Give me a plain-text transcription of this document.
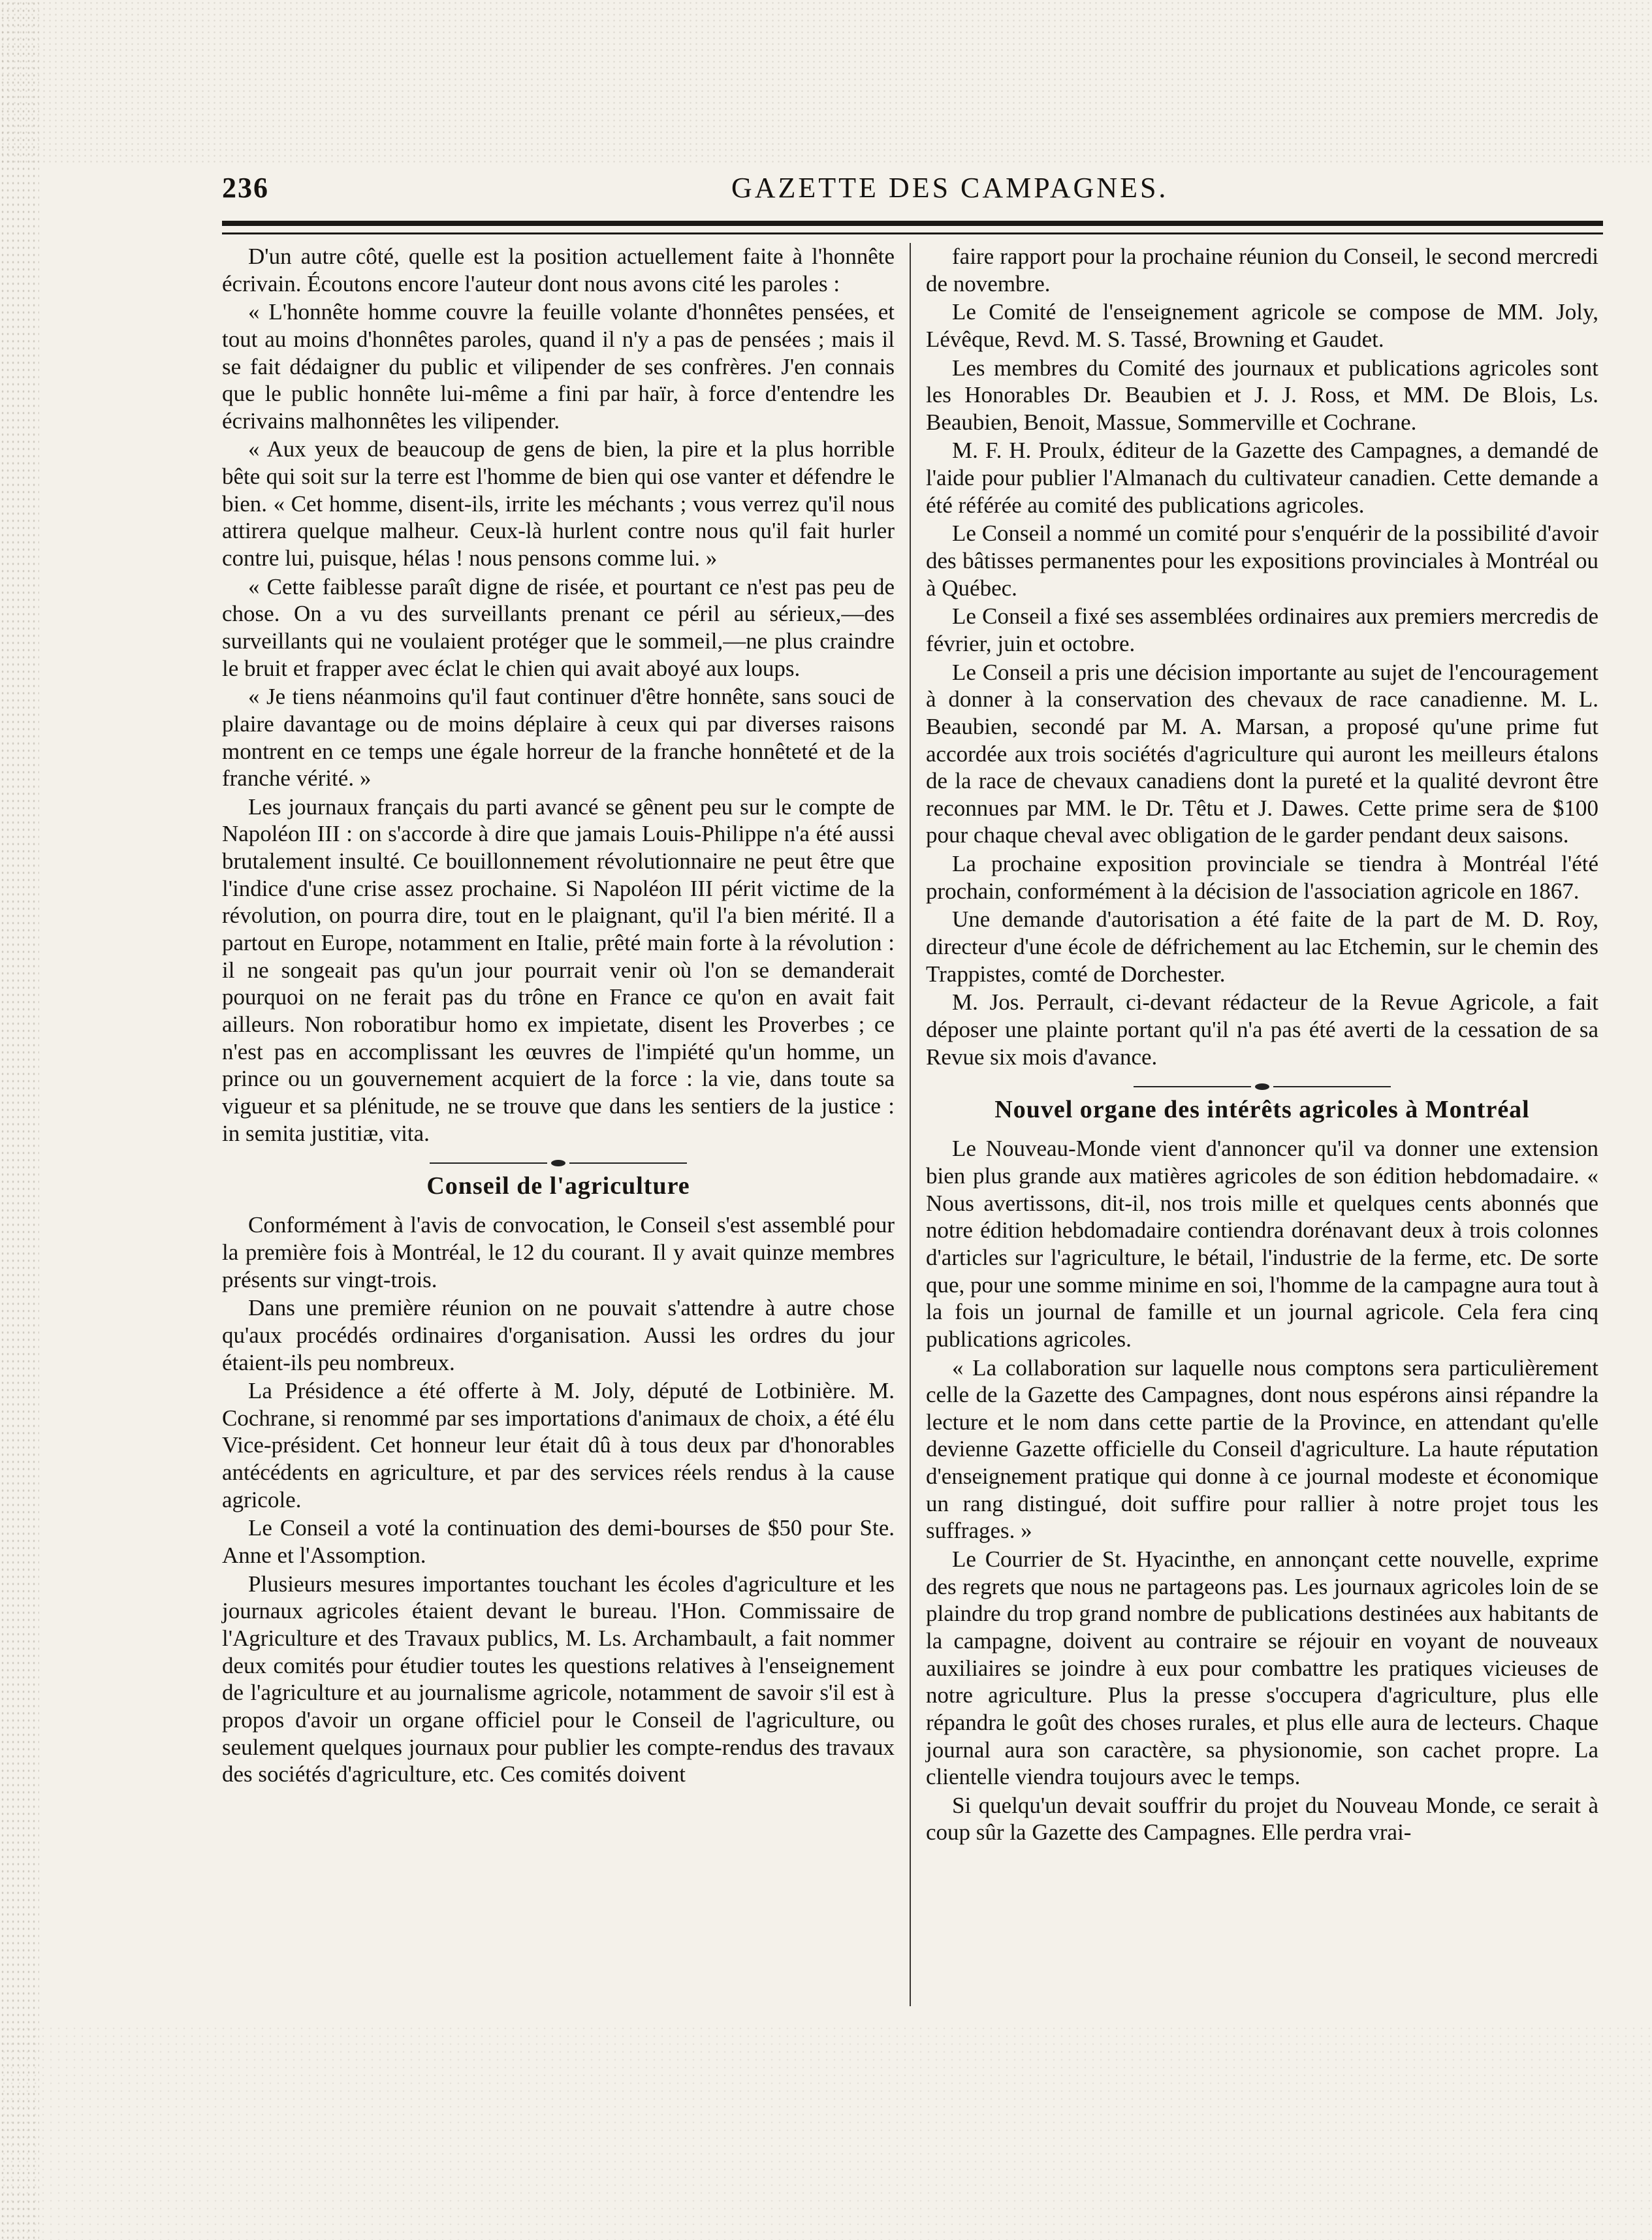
236	GAZETTE DES CAMPAGNES.

D'un autre côté, quelle est la position actuellement faite à l'honnête écrivain. Écoutons encore l'auteur dont nous avons cité les paroles :

« L'honnête homme couvre la feuille volante d'honnêtes pensées, et tout au moins d'honnêtes paroles, quand il n'y a pas de pensées ; mais il se fait dédaigner du public et vilipender de ses confrères. J'en connais que le public honnête lui-même a fini par haïr, à force d'entendre les écrivains malhonnêtes les vilipender.

« Aux yeux de beaucoup de gens de bien, la pire et la plus horrible bête qui soit sur la terre est l'homme de bien qui ose vanter et défendre le bien. « Cet homme, disent-ils, irrite les méchants ; vous verrez qu'il nous attirera quelque malheur. Ceux-là hurlent contre nous qu'il fait hurler contre lui, puisque, hélas ! nous pensons comme lui. »

« Cette faiblesse paraît digne de risée, et pourtant ce n'est pas peu de chose. On a vu des surveillants prenant ce péril au sérieux,—des surveillants qui ne voulaient protéger que le sommeil,—ne plus craindre le bruit et frapper avec éclat le chien qui avait aboyé aux loups.

« Je tiens néanmoins qu'il faut continuer d'être honnête, sans souci de plaire davantage ou de moins déplaire à ceux qui par diverses raisons montrent en ce temps une égale horreur de la franche honnêteté et de la franche vérité. »

Les journaux français du parti avancé se gênent peu sur le compte de Napoléon III : on s'accorde à dire que jamais Louis-Philippe n'a été aussi brutalement insulté. Ce bouillonnement révolutionnaire ne peut être que l'indice d'une crise assez prochaine. Si Napoléon III périt victime de la révolution, on pourra dire, tout en le plaignant, qu'il l'a bien mérité. Il a partout en Europe, notamment en Italie, prêté main forte à la révolution : il ne songeait pas qu'un jour pourrait venir où l'on se demanderait pourquoi on ne ferait pas du trône en France ce qu'on en avait fait ailleurs. Non roboratibur homo ex impietate, disent les Proverbes ; ce n'est pas en accomplissant les œuvres de l'impiété qu'un homme, un prince ou un gouvernement acquiert de la force : la vie, dans toute sa vigueur et sa plénitude, ne se trouve que dans les sentiers de la justice : in semita justitiæ, vita.

Conseil de l'agriculture

Conformément à l'avis de convocation, le Conseil s'est assemblé pour la première fois à Montréal, le 12 du courant. Il y avait quinze membres présents sur vingt-trois.

Dans une première réunion on ne pouvait s'attendre à autre chose qu'aux procédés ordinaires d'organisation. Aussi les ordres du jour étaient-ils peu nombreux.

La Présidence a été offerte à M. Joly, député de Lotbinière. M. Cochrane, si renommé par ses importations d'animaux de choix, a été élu Vice-président. Cet honneur leur était dû à tous deux par d'honorables antécédents en agriculture, et par des services réels rendus à la cause agricole.

Le Conseil a voté la continuation des demi-bourses de $50 pour Ste. Anne et l'Assomption.

Plusieurs mesures importantes touchant les écoles d'agriculture et les journaux agricoles étaient devant le bureau. l'Hon. Commissaire de l'Agriculture et des Travaux publics, M. Ls. Archambault, a fait nommer deux comités pour étudier toutes les questions relatives à l'enseignement de l'agriculture et au journalisme agricole, notamment de savoir s'il est à propos d'avoir un organe officiel pour le Conseil de l'agriculture, ou seulement quelques journaux pour publier les compte-rendus des travaux des sociétés d'agriculture, etc. Ces comités doivent

faire rapport pour la prochaine réunion du Conseil, le second mercredi de novembre.

Le Comité de l'enseignement agricole se compose de MM. Joly, Lévêque, Revd. M. S. Tassé, Browning et Gaudet.

Les membres du Comité des journaux et publications agricoles sont les Honorables Dr. Beaubien et J. J. Ross, et MM. De Blois, Ls. Beaubien, Benoit, Massue, Sommerville et Cochrane.

M. F. H. Proulx, éditeur de la Gazette des Campagnes, a demandé de l'aide pour publier l'Almanach du cultivateur canadien. Cette demande a été référée au comité des publications agricoles.

Le Conseil a nommé un comité pour s'enquérir de la possibilité d'avoir des bâtisses permanentes pour les expositions provinciales à Montréal ou à Québec.

Le Conseil a fixé ses assemblées ordinaires aux premiers mercredis de février, juin et octobre.

Le Conseil a pris une décision importante au sujet de l'encouragement à donner à la conservation des chevaux de race canadienne. M. L. Beaubien, secondé par M. A. Marsan, a proposé qu'une prime fut accordée aux trois sociétés d'agriculture qui auront les meilleurs étalons de la race de chevaux canadiens dont la pureté et la qualité devront être reconnues par MM. le Dr. Têtu et J. Dawes. Cette prime sera de $100 pour chaque cheval avec obligation de le garder pendant deux saisons.

La prochaine exposition provinciale se tiendra à Montréal l'été prochain, conformément à la décision de l'association agricole en 1867.

Une demande d'autorisation a été faite de la part de M. D. Roy, directeur d'une école de défrichement au lac Etchemin, sur le chemin des Trappistes, comté de Dorchester.

M. Jos. Perrault, ci-devant rédacteur de la Revue Agricole, a fait déposer une plainte portant qu'il n'a pas été averti de la cessation de sa Revue six mois d'avance.

Nouvel organe des intérêts agricoles à Montréal

Le Nouveau-Monde vient d'annoncer qu'il va donner une extension bien plus grande aux matières agricoles de son édition hebdomadaire. « Nous avertissons, dit-il, nos trois mille et quelques cents abonnés que notre édition hebdomadaire contiendra dorénavant deux à trois colonnes d'articles sur l'agriculture, le bétail, l'industrie de la ferme, etc. De sorte que, pour une somme minime en soi, l'homme de la campagne aura tout à la fois un journal de famille et un journal agricole. Cela fera cinq publications agricoles.

« La collaboration sur laquelle nous comptons sera particulièrement celle de la Gazette des Campagnes, dont nous espérons ainsi répandre la lecture et le nom dans cette partie de la Province, en attendant qu'elle devienne Gazette officielle du Conseil d'agriculture. La haute réputation d'enseignement pratique qui donne à ce journal modeste et économique un rang distingué, doit suffire pour rallier à notre projet tous les suffrages. »

Le Courrier de St. Hyacinthe, en annonçant cette nouvelle, exprime des regrets que nous ne partageons pas. Les journaux agricoles loin de se plaindre du trop grand nombre de publications destinées aux habitants de la campagne, doivent au contraire se réjouir en voyant de nouveaux auxiliaires se joindre à eux pour combattre les pratiques vicieuses de notre agriculture. Plus la presse s'occupera d'agriculture, plus elle répandra le goût des choses rurales, et plus elle aura de lecteurs. Chaque journal aura son caractère, sa physionomie, son cachet propre. La clientelle viendra toujours avec le temps.

Si quelqu'un devait souffrir du projet du Nouveau Monde, ce serait à coup sûr la Gazette des Campagnes. Elle perdra vrai-
